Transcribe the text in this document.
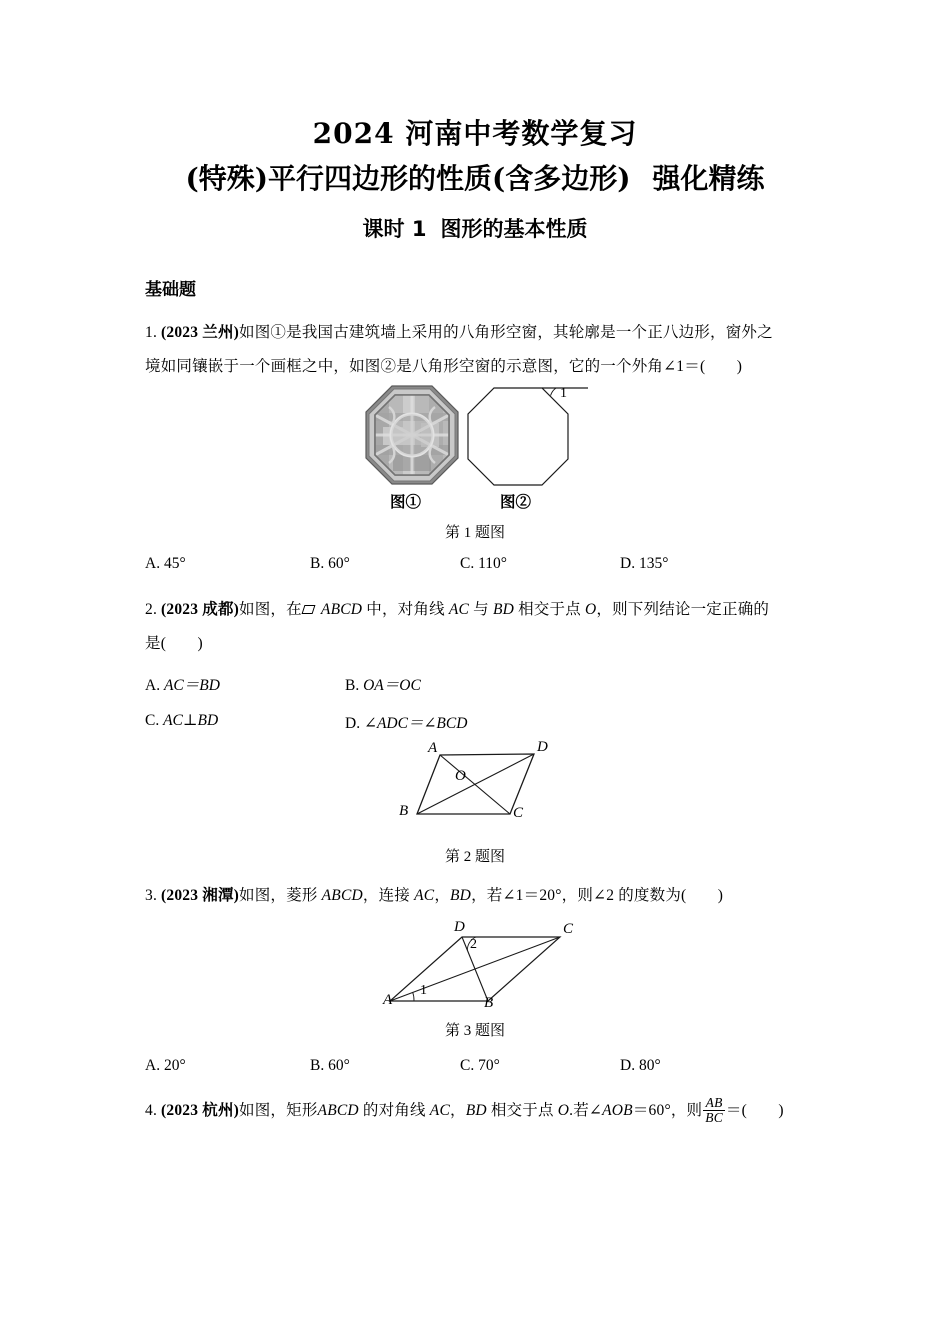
2024 河南中考数学复习
(特殊)平行四边形的性质(含多边形) 强化精练
课时 1 图形的基本性质
基础题
1. (2023 兰州)如图①是我国古建筑墙上采用的八角形空窗，其轮廓是一个正八边形，窗外之
境如同镶嵌于一个画框之中，如图②是八角形空窗的示意图，它的一个外角∠1＝(　　)
1
图①	图②
第 1 题图
A. 45°	B. 60°	C. 110°	D. 135°
2. (2023 成都)如图，在 ABCD 中，对角线 AC 与 BD 相交于点 O，则下列结论一定正确的
是(　　)
A. AC＝BD	B. OA＝OC
C. AC⊥BD	D. ∠ADC＝∠BCD
A	D
B	C
O
第 2 题图
3. (2023 湘潭)如图，菱形 ABCD，连接 AC，BD，若∠1＝20°，则∠2 的度数为(　　)
A	B
C
D
1
2
第 3 题图
A. 20°	B. 60°	C. 70°	D. 80°
4. (2023 杭州)如图，矩形ABCD 的对角线 AC，BD 相交于点 O.若∠AOB＝60°，则 $\frac{AB}{BC}$ ＝(　　)
